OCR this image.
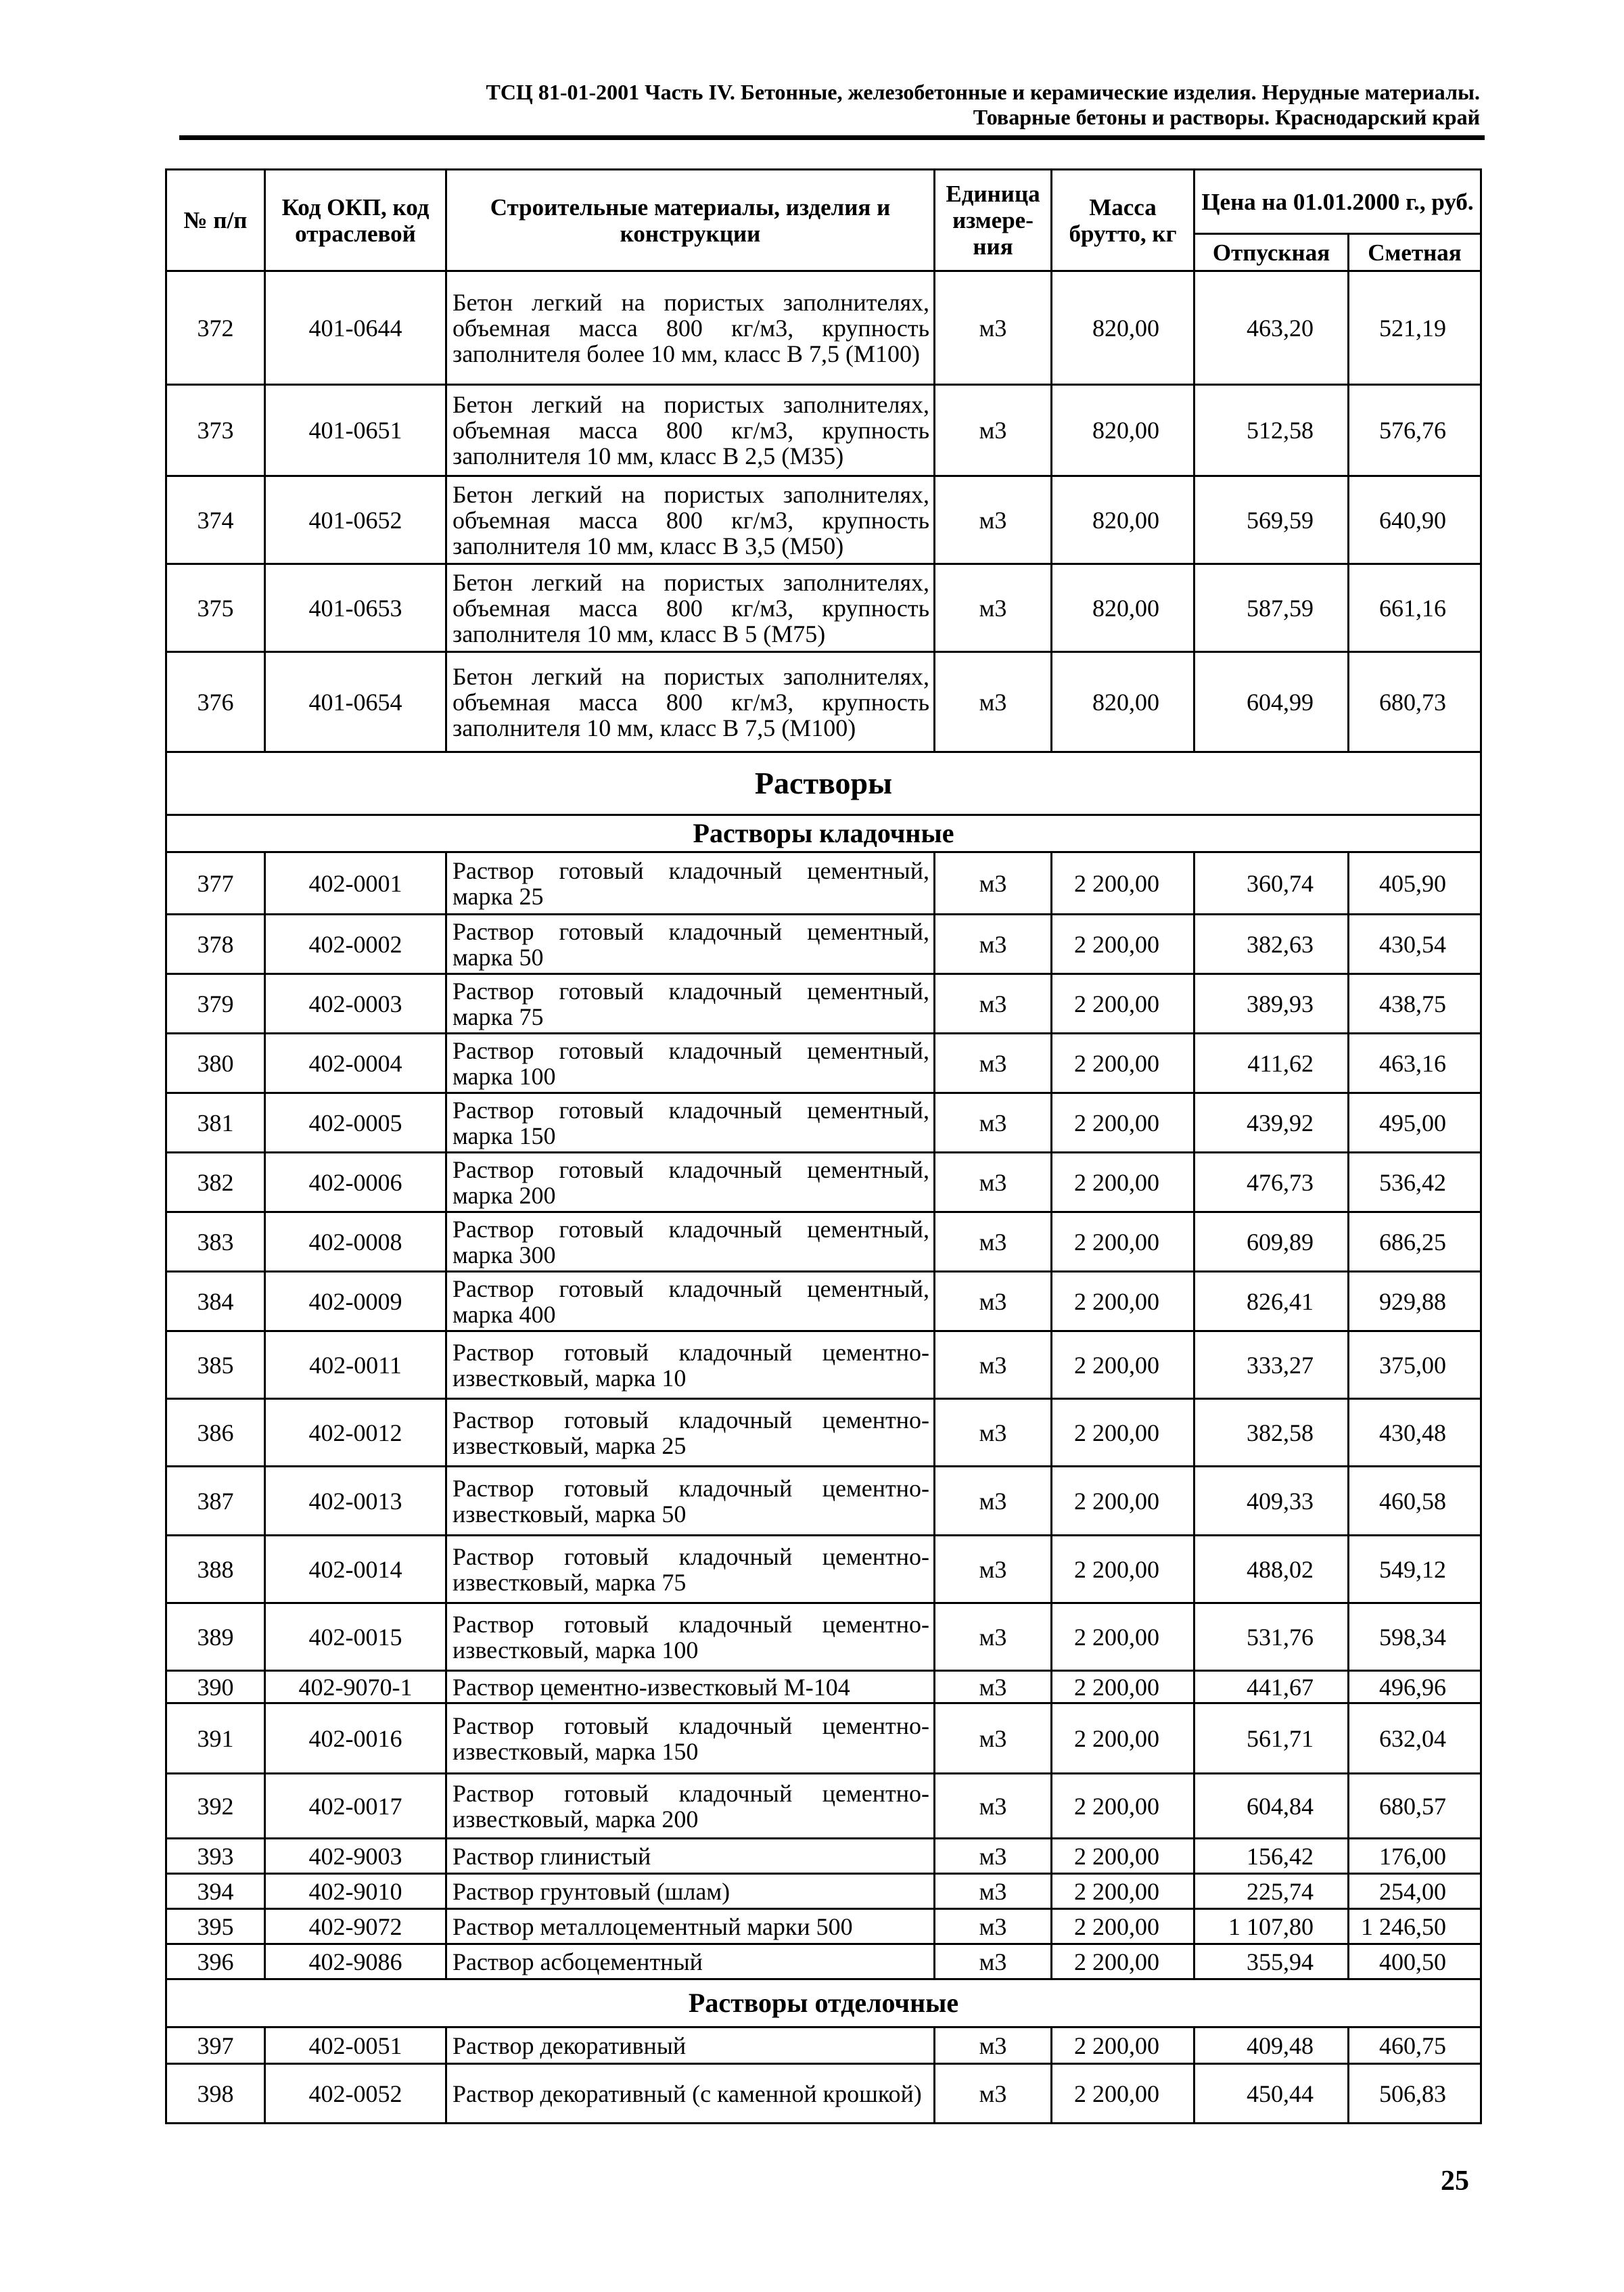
ТСЦ 81-01-2001 Часть IV. Бетонные, железобетонные и керамические изделия. Нерудные материалы.
Товарные бетоны и растворы. Краснодарский край
№ п/п	Код ОКП, код отраслевой	Строительные материалы, изделия и конструкции	Единица измере-ния	Масса брутто, кг	Цена на 01.01.2000 г., руб.	
					Отпускная	Сметная
372	401-0644	Бетон легкий на пористых заполнителях, объемная масса 800 кг/м3, крупность заполнителя более 10 мм, класс В 7,5 (М100)	м3	820,00	463,20	521,19
373	401-0651	Бетон легкий на пористых заполнителях, объемная масса 800 кг/м3, крупность заполнителя 10 мм, класс В 2,5 (М35)	м3	820,00	512,58	576,76
374	401-0652	Бетон легкий на пористых заполнителях, объемная масса 800 кг/м3, крупность заполнителя 10 мм, класс В 3,5 (М50)	м3	820,00	569,59	640,90
375	401-0653	Бетон легкий на пористых заполнителях, объемная масса 800 кг/м3, крупность заполнителя 10 мм, класс В 5 (М75)	м3	820,00	587,59	661,16
376	401-0654	Бетон легкий на пористых заполнителях, объемная масса 800 кг/м3, крупность заполнителя 10 мм, класс В 7,5 (М100)	м3	820,00	604,99	680,73
Растворы						
Растворы кладочные						
377	402-0001	Раствор готовый кладочный цементный, марка 25	м3	2 200,00	360,74	405,90
378	402-0002	Раствор готовый кладочный цементный, марка 50	м3	2 200,00	382,63	430,54
379	402-0003	Раствор готовый кладочный цементный, марка 75	м3	2 200,00	389,93	438,75
380	402-0004	Раствор готовый кладочный цементный, марка 100	м3	2 200,00	411,62	463,16
381	402-0005	Раствор готовый кладочный цементный, марка 150	м3	2 200,00	439,92	495,00
382	402-0006	Раствор готовый кладочный цементный, марка 200	м3	2 200,00	476,73	536,42
383	402-0008	Раствор готовый кладочный цементный, марка 300	м3	2 200,00	609,89	686,25
384	402-0009	Раствор готовый кладочный цементный, марка 400	м3	2 200,00	826,41	929,88
385	402-0011	Раствор готовый кладочный цементно-известковый, марка 10	м3	2 200,00	333,27	375,00
386	402-0012	Раствор готовый кладочный цементно-известковый, марка 25	м3	2 200,00	382,58	430,48
387	402-0013	Раствор готовый кладочный цементно-известковый, марка 50	м3	2 200,00	409,33	460,58
388	402-0014	Раствор готовый кладочный цементно-известковый, марка 75	м3	2 200,00	488,02	549,12
389	402-0015	Раствор готовый кладочный цементно-известковый, марка 100	м3	2 200,00	531,76	598,34
390	402-9070-1	Раствор цементно-известковый М-104	м3	2 200,00	441,67	496,96
391	402-0016	Раствор готовый кладочный цементно-известковый, марка 150	м3	2 200,00	561,71	632,04
392	402-0017	Раствор готовый кладочный цементно-известковый, марка 200	м3	2 200,00	604,84	680,57
393	402-9003	Раствор глинистый	м3	2 200,00	156,42	176,00
394	402-9010	Раствор грунтовый (шлам)	м3	2 200,00	225,74	254,00
395	402-9072	Раствор металлоцементный марки 500	м3	2 200,00	1 107,80	1 246,50
396	402-9086	Раствор асбоцементный	м3	2 200,00	355,94	400,50
Растворы отделочные						
397	402-0051	Раствор декоративный	м3	2 200,00	409,48	460,75
398	402-0052	Раствор декоративный (с каменной крошкой)	м3	2 200,00	450,44	506,83
25
